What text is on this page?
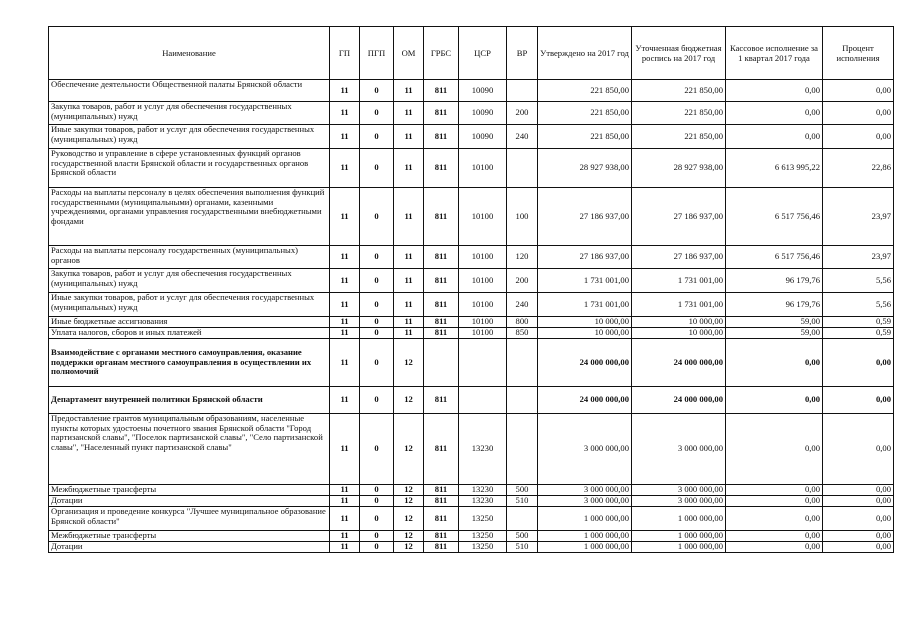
Наименование	ГП	ПГП	ОМ	ГРБС	ЦСР	ВР	Утверждено на 2017 год	Уточненная бюджетная роспись на 2017 год	Кассовое исполнение за 1 квартал 2017 года	Процент исполнения
Обеспечение деятельности Общественной палаты Брянской области	11	0	11	811	10090		221 850,00	221 850,00	0,00	0,00
Закупка товаров, работ и услуг для обеспечения государственных (муниципальных) нужд	11	0	11	811	10090	200	221 850,00	221 850,00	0,00	0,00
Иные закупки товаров, работ и услуг для обеспечения государственных (муниципальных) нужд	11	0	11	811	10090	240	221 850,00	221 850,00	0,00	0,00
Руководство и управление в сфере установленных функций органов государственной власти Брянской области и государственных органов Брянской области	11	0	11	811	10100		28 927 938,00	28 927 938,00	6 613 995,22	22,86
Расходы на выплаты персоналу в целях обеспечения выполнения функций государственными (муниципальными) органами, казенными учреждениями, органами управления государственными внебюджетными фондами	11	0	11	811	10100	100	27 186 937,00	27 186 937,00	6 517 756,46	23,97
Расходы на выплаты персоналу государственных (муниципальных) органов	11	0	11	811	10100	120	27 186 937,00	27 186 937,00	6 517 756,46	23,97
Закупка товаров, работ и услуг для обеспечения государственных (муниципальных) нужд	11	0	11	811	10100	200	1 731 001,00	1 731 001,00	96 179,76	5,56
Иные закупки товаров, работ и услуг для обеспечения государственных (муниципальных) нужд	11	0	11	811	10100	240	1 731 001,00	1 731 001,00	96 179,76	5,56
Иные бюджетные ассигнования	11	0	11	811	10100	800	10 000,00	10 000,00	59,00	0,59
Уплата налогов, сборов и иных платежей	11	0	11	811	10100	850	10 000,00	10 000,00	59,00	0,59
Взаимодействие с органами местного самоуправления, оказание поддержки органам местного самоуправления в осуществлении их полномочий	11	0	12				24 000 000,00	24 000 000,00	0,00	0,00
Департамент внутренней политики Брянской области	11	0	12	811			24 000 000,00	24 000 000,00	0,00	0,00
Предоставление грантов муниципальным образованиям, населенные пункты которых удостоены почетного звания Брянской области "Город партизанской славы", "Поселок партизанской славы", "Село партизанской славы", "Населенный пункт партизанской славы"	11	0	12	811	13230		3 000 000,00	3 000 000,00	0,00	0,00
Межбюджетные трансферты	11	0	12	811	13230	500	3 000 000,00	3 000 000,00	0,00	0,00
Дотации	11	0	12	811	13230	510	3 000 000,00	3 000 000,00	0,00	0,00
Организация и проведение конкурса "Лучшее муниципальное образование Брянской области"	11	0	12	811	13250		1 000 000,00	1 000 000,00	0,00	0,00
Межбюджетные трансферты	11	0	12	811	13250	500	1 000 000,00	1 000 000,00	0,00	0,00
Дотации	11	0	12	811	13250	510	1 000 000,00	1 000 000,00	0,00	0,00
